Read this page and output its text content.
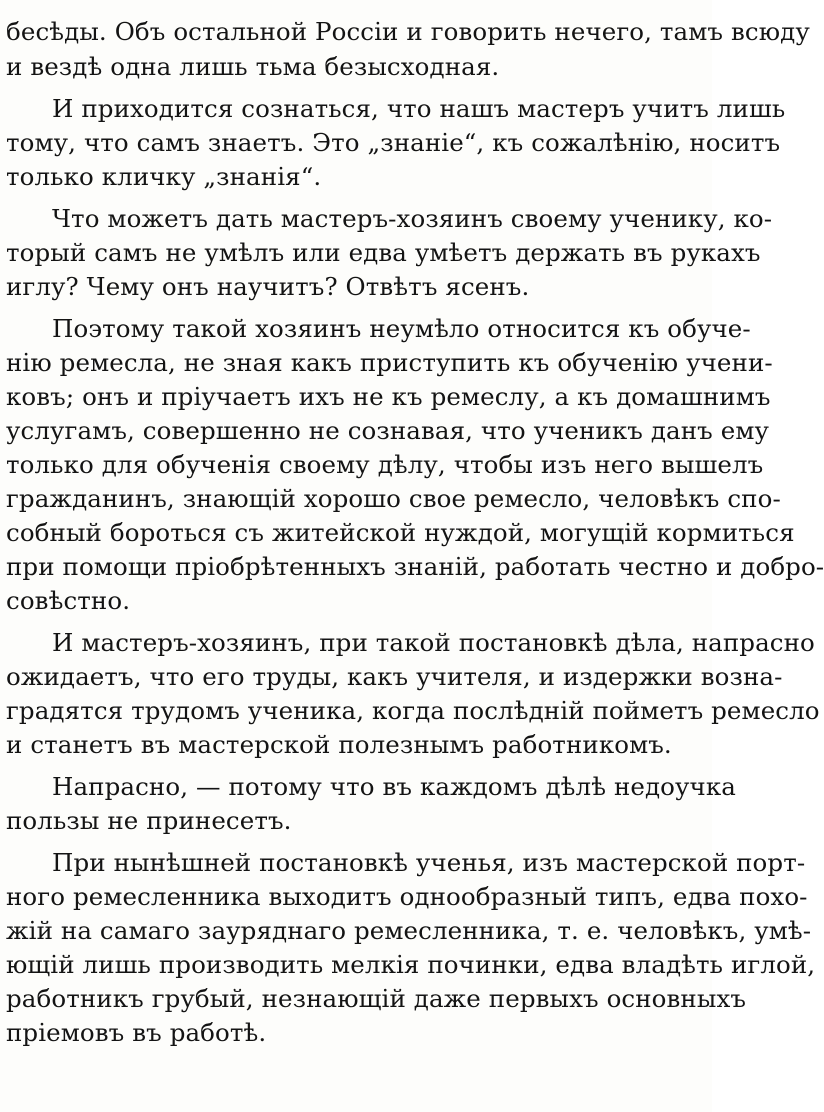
бесѣды. Объ остальной Россіи и говорить нечего, тамъ всюду
и вездѣ одна лишь тьма безысходная.
И приходится сознаться, что нашъ мастеръ учитъ лишь
тому, что самъ знаетъ. Это „знаніе“, къ сожалѣнію, носитъ
только кличку „знанія“.
Что можетъ дать мастеръ-хозяинъ своему ученику, ко-
торый самъ не умѣлъ или едва умѣетъ держать въ рукахъ
иглу? Чему онъ научитъ? Отвѣтъ ясенъ.
Поэтому такой хозяинъ неумѣло относится къ обуче-
нію ремесла, не зная какъ приступить къ обученію учени-
ковъ; онъ и пріучаетъ ихъ не къ ремеслу, а къ домашнимъ
услугамъ, совершенно не сознавая, что ученикъ данъ ему
только для обученія своему дѣлу, чтобы изъ него вышелъ
гражданинъ, знающій хорошо свое ремесло, человѣкъ спо-
собный бороться съ житейской нуждой, могущій кормиться
при помощи пріобрѣтенныхъ знаній, работать честно и добро-
совѣстно.
И мастеръ-хозяинъ, при такой постановкѣ дѣла, напрасно
ожидаетъ, что его труды, какъ учителя, и издержки возна-
градятся трудомъ ученика, когда послѣдній пойметъ ремесло
и станетъ въ мастерской полезнымъ работникомъ.
Напрасно, — потому что въ каждомъ дѣлѣ недоучка
пользы не принесетъ.
При нынѣшней постановкѣ ученья, изъ мастерской порт-
ного ремесленника выходитъ однообразный типъ, едва похо-
жій на самаго зауряднаго ремесленника, т. е. человѣкъ, умѣ-
ющій лишь производить мелкія починки, едва владѣть иглой,
работникъ грубый, незнающій даже первыхъ основныхъ
пріемовъ въ работѣ.
